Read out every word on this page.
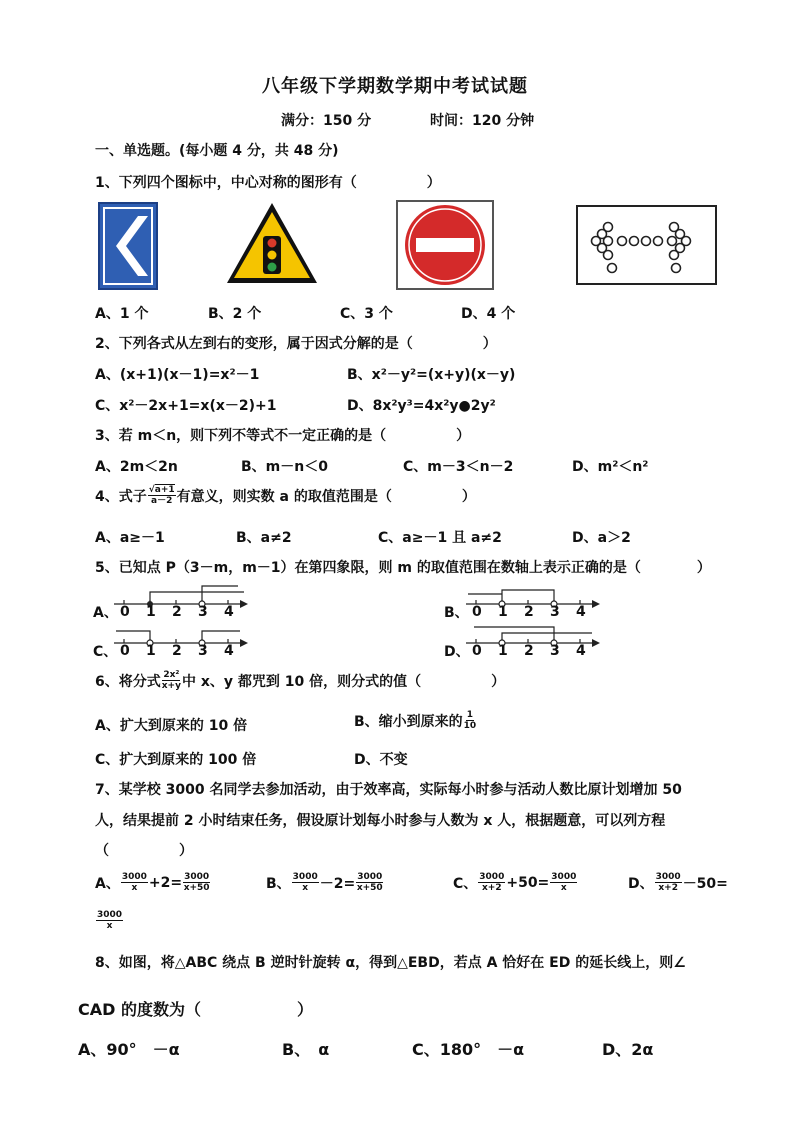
八年级下学期数学期中考试试题
满分：150 分	时间：120 分钟
一、单选题。(每小题 4 分，共 48 分)
1、下列四个图标中，中心对称的图形有（　　　　　）
A、1 个	B、2 个	C、3 个	D、4 个
2、下列各式从左到右的变形，属于因式分解的是（　　　　　）
A、(x+1)(x－1)=x²－1	B、x²－y²=(x+y)(x－y)
C、x²－2x+1=x(x－2)+1	D、8x²y³=4x²y●2y²
3、若 m＜n，则下列不等式不一定正确的是（　　　　　）
A、2m＜2n	B、m－n＜0	C、m－3＜n－2	D、m²＜n²
4、式子 $\frac{√a+1}{a-2}$ 有意义，则实数 a 的取值范围是（　　　　　）
A、a≥－1	B、a≠2	C、a≥－1 且 a≠2	D、a＞2
5、已知点 P（3－m，m－1）在第四象限，则 m 的取值范围在数轴上表示正确的是（　　　　）
A、	B、
C、	D、
0 1 2 3 4	0 1 2 3 4
0 1 2 3 4	0 1 2 3 4
6、将分式 $\frac{\text{2x²}}{x+y}$ 中 x、y 都咒到 10 倍，则分式的值（　　　　　）
A、扩大到原来的 10 倍	B、缩小到原来的 $\frac{1}{10}$
C、扩大到原来的 100 倍	D、不变
7、某学校 3000 名同学去参加活动，由于效率高，实际每小时参与活动人数比原计划增加 50
人，结果提前 2 小时结束任务，假设原计划每小时参与人数为 x 人，根据题意，可以列方程
（　　　　　）
A、 $\frac{3000}{x} +2= \frac{3000}{x+50}$	B、 $\frac{3000}{x} -2= \frac{3000}{x+50}$	C、 $\frac{3000}{x+2} +50= \frac{3000}{x}$	D、 $\frac{3000}{x+2} -50=$
$\frac{3000}{x}$
8、如图，将△ABC 绕点 B 逆时针旋转 α，得到△EBD，若点 A 恰好在 ED 的延长线上，则∠
CAD 的度数为（　　　　　　）
A、90°　－α	B、　α	C、180°　－α	D、2α
